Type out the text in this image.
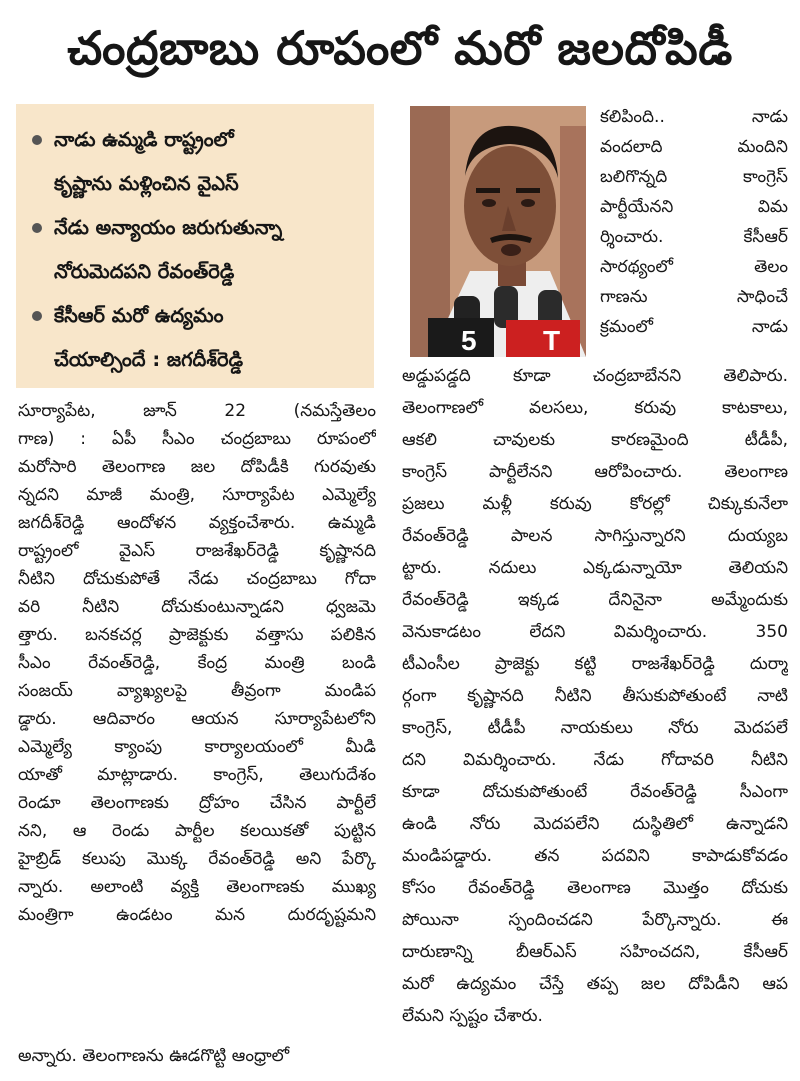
చంద్రబాబు రూపంలో మరో జలదోపిడీ
నాడు ఉమ్మడి రాష్ట్రంలో
కృష్ణాను మళ్లించిన వైఎస్
నేడు అన్యాయం జరుగుతున్నా
నోరుమెదపని రేవంత్‌రెడ్డి
కేసీఆర్ మరో ఉద్యమం
చేయాల్సిందే : జగదీశ్‌రెడ్డి
5 T
సూర్యాపేట, జూన్ 22 (నమస్తేతెలం
గాణ) : ఏపీ సీఎం చంద్రబాబు రూపంలో
మరోసారి తెలంగాణ జల దోపిడీకి గురవుతు
న్నదని మాజీ మంత్రి, సూర్యాపేట ఎమ్మెల్యే
జగదీశ్‌రెడ్డి ఆందోళన వ్యక్తంచేశారు. ఉమ్మడి
రాష్ట్రంలో వైఎస్ రాజశేఖర్‌రెడ్డి కృష్ణానది
నీటిని దోచుకుపోతే నేడు చంద్రబాబు గోదా
వరి నీటిని దోచుకుంటున్నాడని ధ్వజమె
త్తారు. బనకచర్ల ప్రాజెక్టుకు వత్తాసు పలికిన
సీఎం రేవంత్‌రెడ్డి, కేంద్ర మంత్రి బండి
సంజయ్ వ్యాఖ్యలపై తీవ్రంగా మండిప
డ్డారు. ఆదివారం ఆయన సూర్యాపేటలోని
ఎమ్మెల్యే క్యాంపు కార్యాలయంలో మీడి
యాతో మాట్లాడారు. కాంగ్రెస్, తెలుగుదేశం
రెండూ తెలంగాణకు ద్రోహం చేసిన పార్టీలే
నని, ఆ రెండు పార్టీల కలయికతో పుట్టిన
హైబ్రిడ్ కలుపు మొక్క రేవంత్‌రెడ్డి అని పేర్కొ
న్నారు. అలాంటి వ్యక్తి తెలంగాణకు ముఖ్య
మంత్రిగా ఉండటం మన దురదృష్టమని
అన్నారు. తెలంగాణను ఊడగొట్టి ఆంధ్రాలో
కలిపింది.. నాడు
వందలాది మందిని
బలిగొన్నది కాంగ్రెస్
పార్టీయేనని విమ
ర్శించారు. కేసీఆర్
సారథ్యంలో తెలం
గాణను సాధించే
క్రమంలో నాడు
అడ్డుపడ్డది కూడా చంద్రబాబేనని తెలిపారు.
తెలంగాణలో వలసలు, కరువు కాటకాలు,
ఆకలి చావులకు కారణమైంది టీడీపీ,
కాంగ్రెస్ పార్టీలేనని ఆరోపించారు. తెలంగాణ
ప్రజలు మళ్లీ కరువు కోరల్లో చిక్కుకునేలా
రేవంత్‌రెడ్డి పాలన సాగిస్తున్నారని దుయ్యబ
ట్టారు. నదులు ఎక్కడున్నాయో తెలియని
రేవంత్‌రెడ్డి ఇక్కడ దేనినైనా అమ్మేందుకు
వెనుకాడటం లేదని విమర్శించారు. 350
టీఎంసీల ప్రాజెక్టు కట్టి రాజశేఖర్‌రెడ్డి దుర్మా
ర్గంగా కృష్ణానది నీటిని తీసుకుపోతుంటే నాటి
కాంగ్రెస్, టీడీపీ నాయకులు నోరు మెదపలే
దని విమర్శించారు. నేడు గోదావరి నీటిని
కూడా దోచుకుపోతుంటే రేవంత్‌రెడ్డి సీఎంగా
ఉండి నోరు మెదపలేని దుస్థితిలో ఉన్నాడని
మండిపడ్డారు. తన పదవిని కాపాడుకోవడం
కోసం రేవంత్‌రెడ్డి తెలంగాణ మొత్తం దోచుకు
పోయినా స్పందించడని పేర్కొన్నారు. ఈ
దారుణాన్ని బీఆర్ఎస్ సహించదని, కేసీఆర్
మరో ఉద్యమం చేస్తే తప్ప జల దోపిడీని ఆప
లేమని స్పష్టం చేశారు.
